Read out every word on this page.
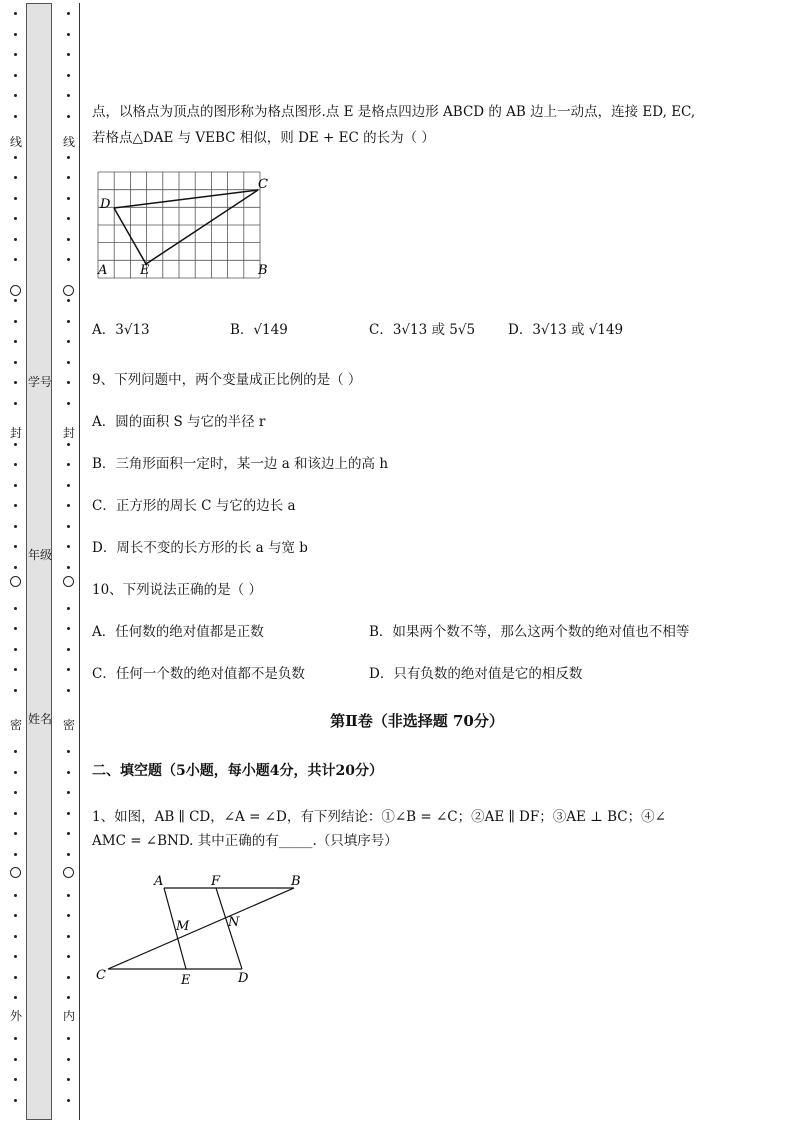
线
封
密
外
学号
年级
姓名
线
封
密
内
点，以格点为顶点的图形称为格点图形.点 E 是格点四边形 ABCD 的 AB 边上一动点，连接 ED, EC,
若格点△DAE 与 VEBC 相似，则 DE + EC 的长为（ ）
A	E	B
C
D
A．3√13	B．√149	C．3√13 或 5√5 D．3√13 或 √149
9、下列问题中，两个变量成正比例的是（ ）
A．圆的面积 S 与它的半径 r
B．三角形面积一定时，某一边 a 和该边上的高 h
C．正方形的周长 C 与它的边长 a
D．周长不变的长方形的长 a 与宽 b
10、下列说法正确的是（ ）
A．任何数的绝对值都是正数	B．如果两个数不等，那么这两个数的绝对值也不相等
C．任何一个数的绝对值都不是负数	D．只有负数的绝对值是它的相反数
第Ⅱ卷（非选择题 70分）
二、填空题（5小题，每小题4分，共计20分）
1、如图，AB ∥ CD，∠A = ∠D，有下列结论：①∠B = ∠C；②AE ∥ DF；③AE ⊥ BC；④∠
AMC = ∠BND. 其中正确的有_____.（只填序号）
A	F	B
M	N
C	E	D
